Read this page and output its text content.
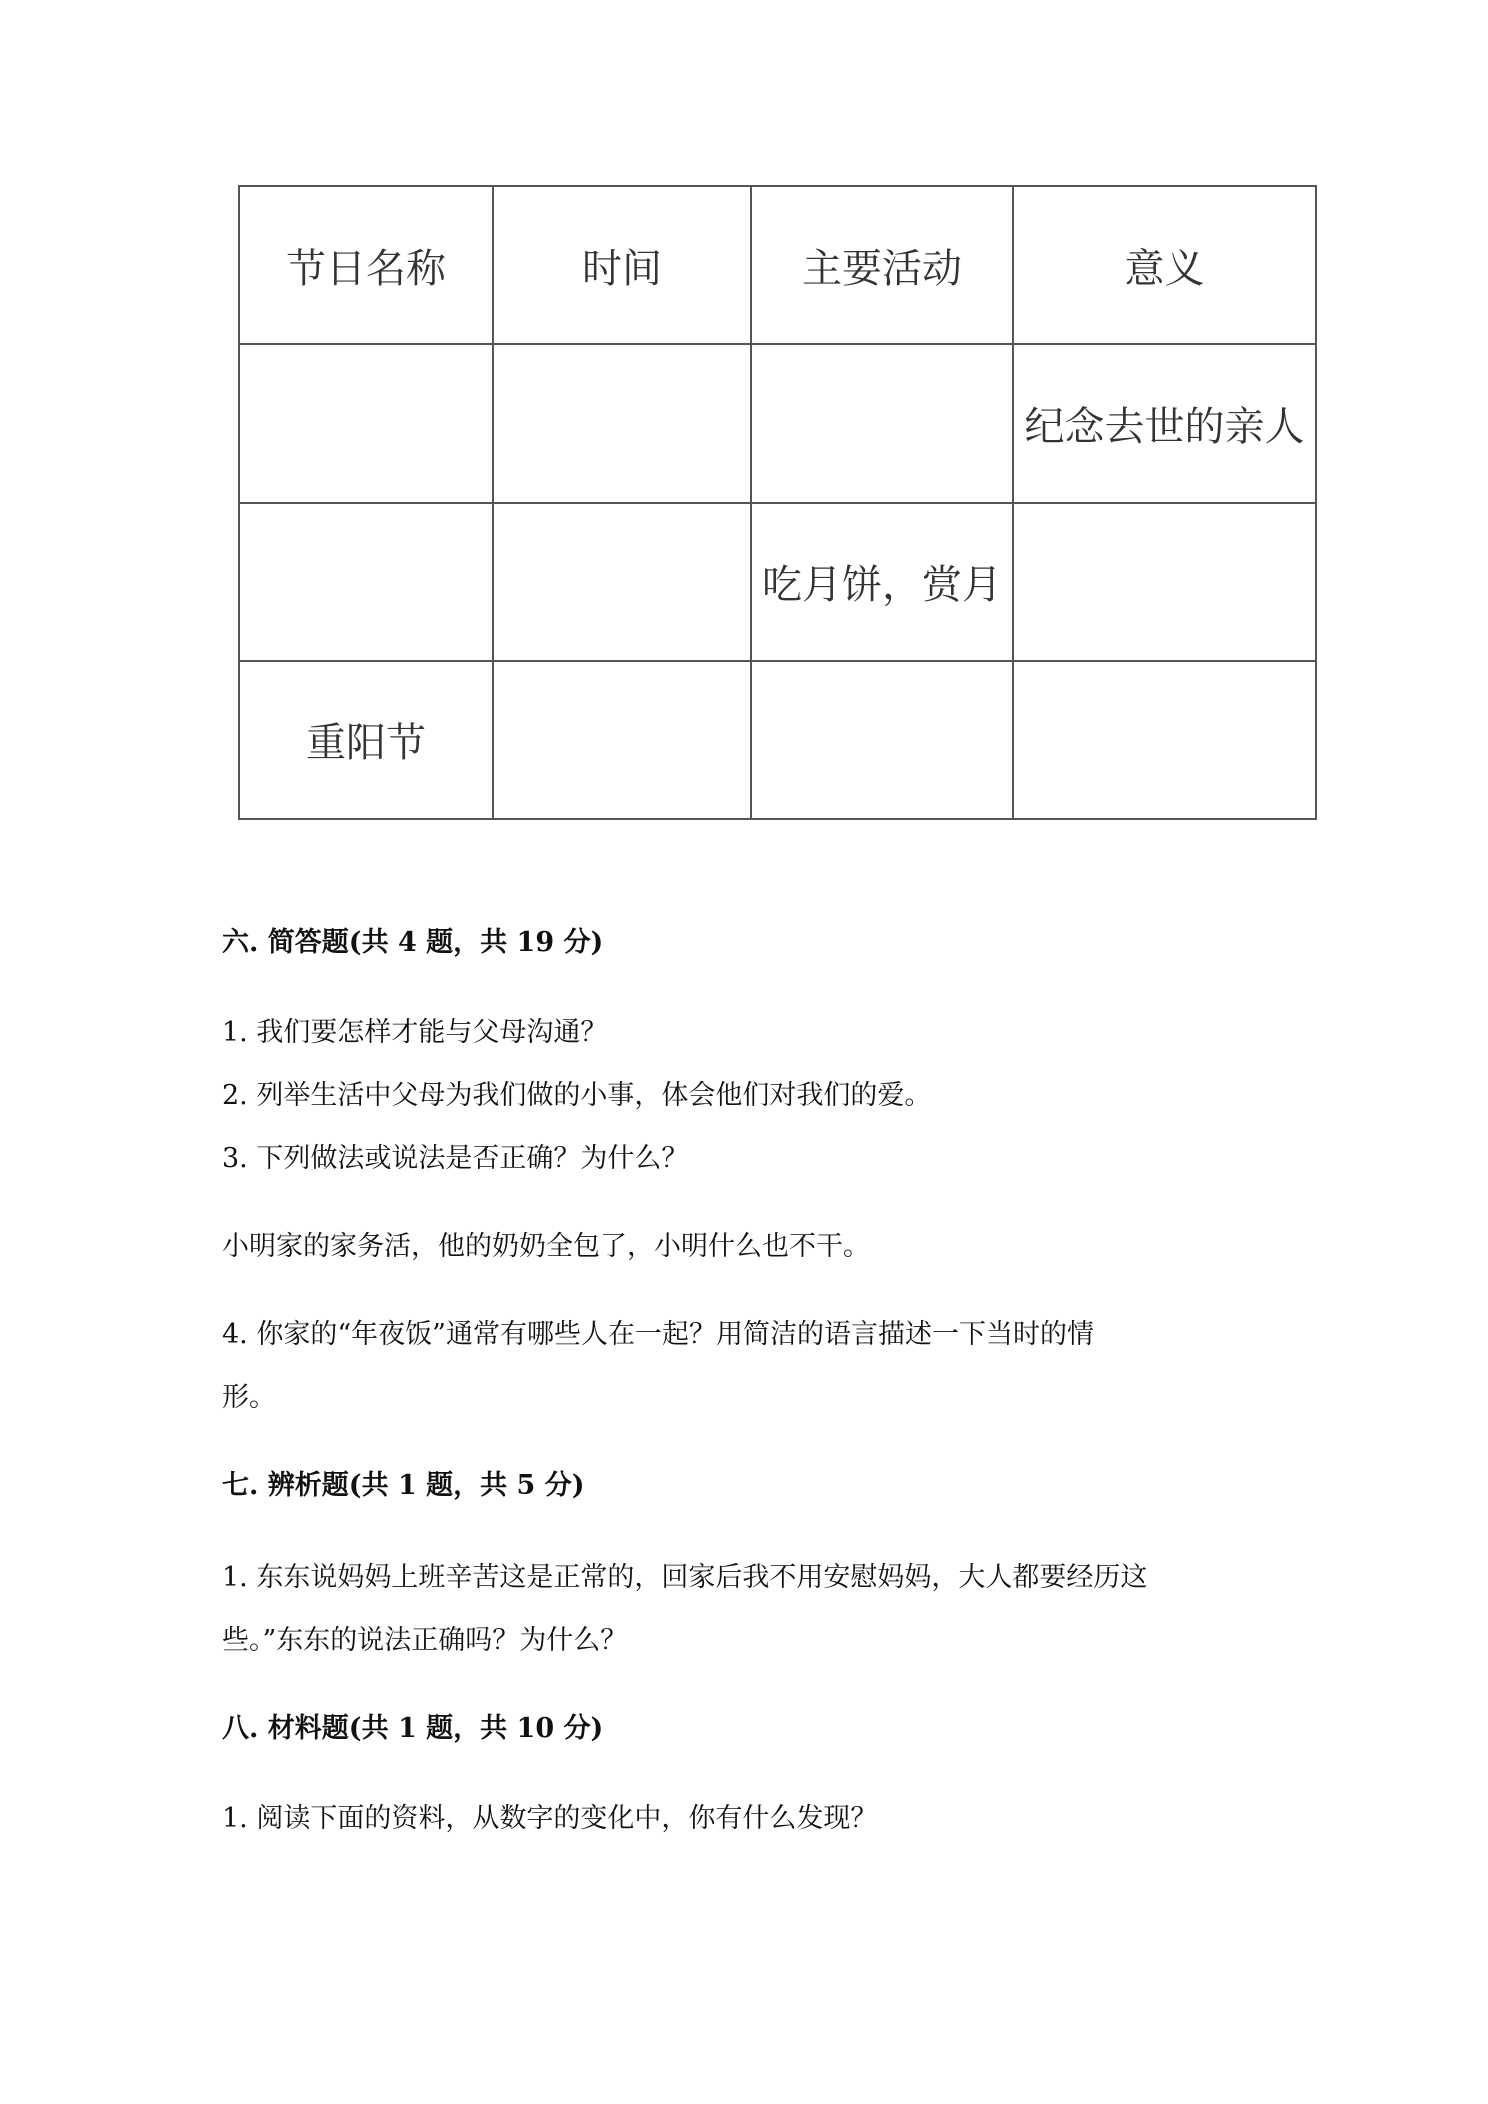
节日名称	时间	主要活动	意义
			纪念去世的亲人
		吃月饼，赏月	
重阳节			
六. 简答题(共 4 题，共 19 分)

1. 我们要怎样才能与父母沟通？

2. 列举生活中父母为我们做的小事，体会他们对我们的爱。

3. 下列做法或说法是否正确？为什么？

小明家的家务活，他的奶奶全包了，小明什么也不干。

4. 你家的“年夜饭”通常有哪些人在一起？用简洁的语言描述一下当时的情

形。

七. 辨析题(共 1 题，共 5 分)

1. 东东说妈妈上班辛苦这是正常的，回家后我不用安慰妈妈，大人都要经历这

些。”东东的说法正确吗？为什么？

八. 材料题(共 1 题，共 10 分)

1. 阅读下面的资料，从数字的变化中，你有什么发现？
